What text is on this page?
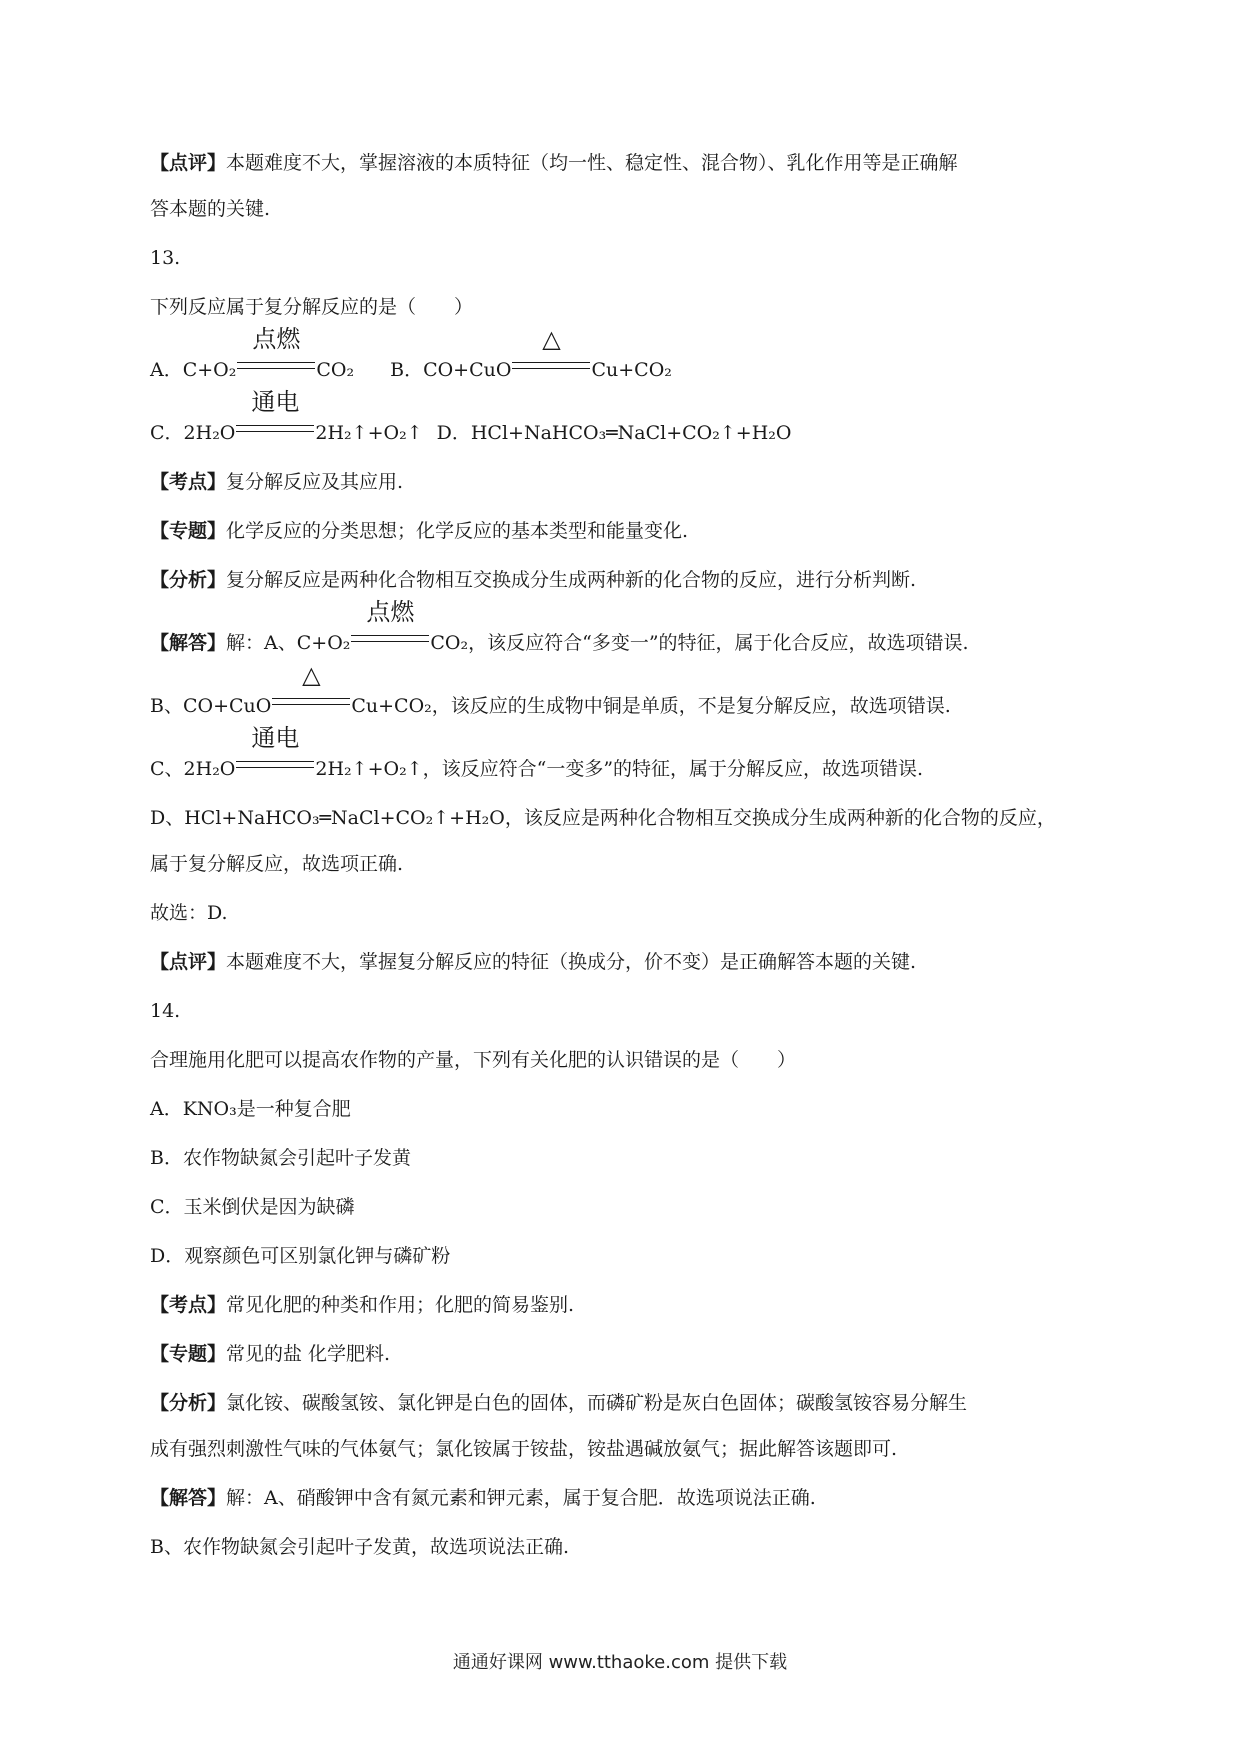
【点评】本题难度不大，掌握溶液的本质特征（均一性、稳定性、混合物）、乳化作用等是正确解
答本题的关键.
13.
下列反应属于复分解反应的是（　　）
A．C+O₂
点燃
CO₂ B．CO+CuO
△
Cu+CO₂
C．2H₂O
通电
2H₂↑+O₂↑ D．HCl+NaHCO₃═NaCl+CO₂↑+H₂O
【考点】复分解反应及其应用.
【专题】化学反应的分类思想；化学反应的基本类型和能量变化.
【分析】复分解反应是两种化合物相互交换成分生成两种新的化合物的反应，进行分析判断.
【解答】解：A、C+O₂
点燃
CO₂，该反应符合“多变一”的特征，属于化合反应，故选项错误.
B、CO+CuO
△
Cu+CO₂，该反应的生成物中铜是单质，不是复分解反应，故选项错误.
C、2H₂O
通电
2H₂↑+O₂↑，该反应符合“一变多”的特征，属于分解反应，故选项错误.
D、HCl+NaHCO₃═NaCl+CO₂↑+H₂O，该反应是两种化合物相互交换成分生成两种新的化合物的反应，
属于复分解反应，故选项正确.
故选：D.
【点评】本题难度不大，掌握复分解反应的特征（换成分，价不变）是正确解答本题的关键.
14.
合理施用化肥可以提高农作物的产量，下列有关化肥的认识错误的是（　　）
A．KNO₃是一种复合肥
B．农作物缺氮会引起叶子发黄
C．玉米倒伏是因为缺磷
D．观察颜色可区别氯化钾与磷矿粉
【考点】常见化肥的种类和作用；化肥的简易鉴别.
【专题】常见的盐 化学肥料.
【分析】氯化铵、碳酸氢铵、氯化钾是白色的固体，而磷矿粉是灰白色固体；碳酸氢铵容易分解生
成有强烈刺激性气味的气体氨气；氯化铵属于铵盐，铵盐遇碱放氨气；据此解答该题即可.
【解答】解：A、硝酸钾中含有氮元素和钾元素，属于复合肥．故选项说法正确.
B、农作物缺氮会引起叶子发黄，故选项说法正确.
通通好课网 www.tthaoke.com 提供下载
